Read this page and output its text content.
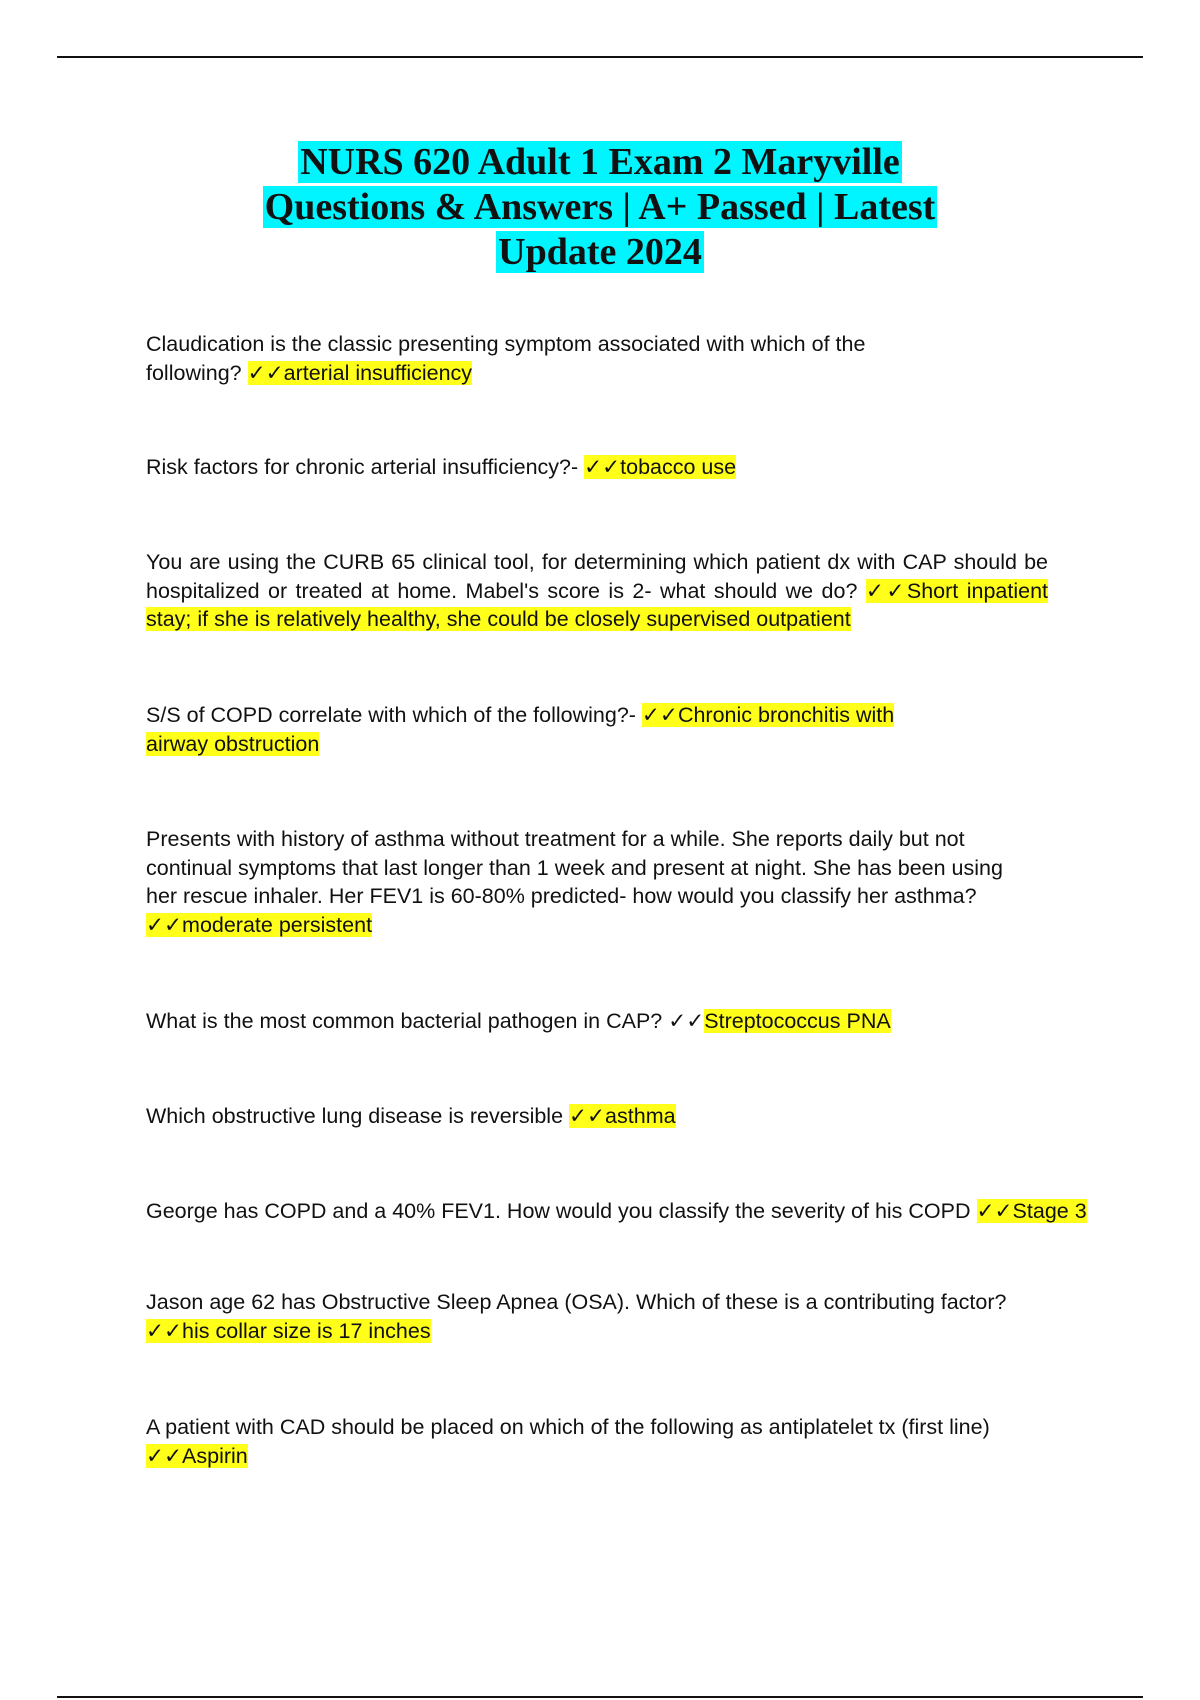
NURS 620 Adult 1 Exam 2 Maryville
Questions & Answers | A+ Passed | Latest
Update 2024
Claudication is the classic presenting symptom associated with which of the following? ✓✓arterial insufficiency
Risk factors for chronic arterial insufficiency?- ✓✓tobacco use
You are using the CURB 65 clinical tool, for determining which patient dx with CAP should be hospitalized or treated at home. Mabel's score is 2- what should we do? ✓✓Short inpatient stay; if she is relatively healthy, she could be closely supervised outpatient
S/S of COPD correlate with which of the following?- ✓✓Chronic bronchitis with airway obstruction
Presents with history of asthma without treatment for a while. She reports daily but not continual symptoms that last longer than 1 week and present at night. She has been using her rescue inhaler. Her FEV1 is 60-80% predicted- how would you classify her asthma? ✓✓moderate persistent
What is the most common bacterial pathogen in CAP? ✓✓Streptococcus PNA
Which obstructive lung disease is reversible ✓✓asthma
George has COPD and a 40% FEV1. How would you classify the severity of his COPD ✓✓Stage 3
Jason age 62 has Obstructive Sleep Apnea (OSA). Which of these is a contributing factor? ✓✓his collar size is 17 inches
A patient with CAD should be placed on which of the following as antiplatelet tx (first line) ✓✓Aspirin
